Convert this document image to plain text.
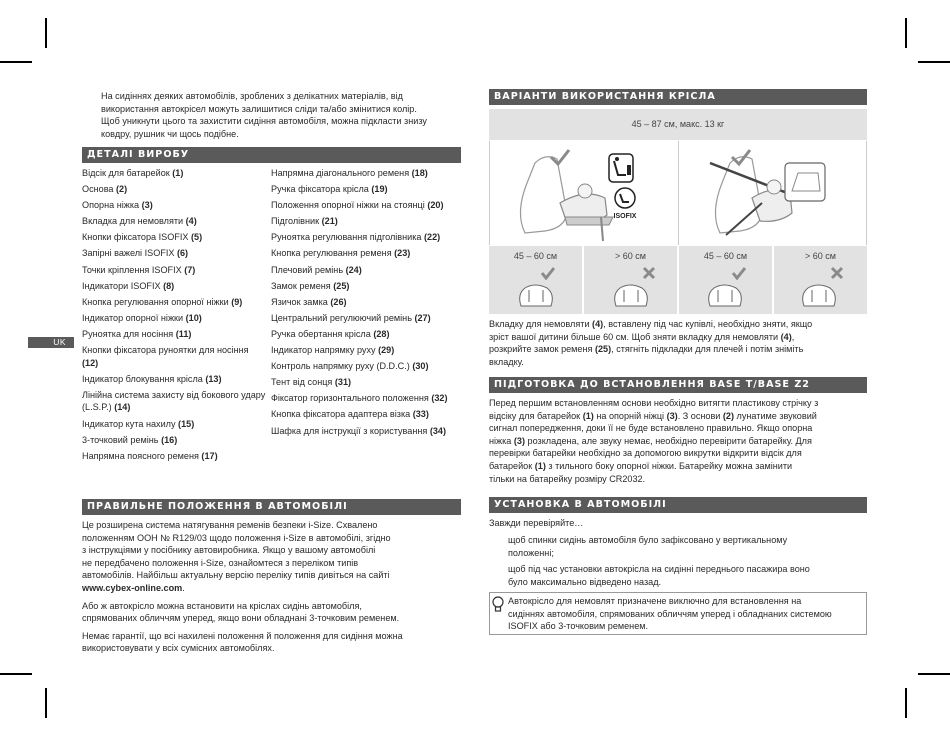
UK
На сидіннях деяких автомобілів, зроблених з делікатних матеріалів, від
використання автокрісел можуть залишитися сліди та/або змінитися колір.
Щоб уникнути цього та захистити сидіння автомобіля, можна підкласти знизу
ковдру, рушник чи щось подібне.
ДЕТАЛІ ВИРОБУ
Відсік для батарейок (1)
Основа (2)
Опорна ніжка (3)
Вкладка для немовляти (4)
Кнопки фіксатора ISOFIX (5)
Запірні важелі ISOFIX (6)
Точки кріплення ISOFIX (7)
Індикатори ISOFIX (8)
Кнопка регулювання опорної ніжки (9)
Індикатор опорної ніжки (10)
Руноятка для носіння (11)
Кнопки фіксатора руноятки для носіння (12)
Індикатор блокування крісла (13)
Лінійна система захисту від бокового удару (L.S.P.) (14)
Індикатор кута нахилу (15)
3-точковий ремінь (16)
Напрямна поясного ременя (17)
Напрямна діагонального ременя (18)
Ручка фіксатора крісла (19)
Положення опорної ніжки на стоянці (20)
Підголівник (21)
Руноятка регулювання підголівника (22)
Кнопка регулювання ременя (23)
Плечовий ремінь (24)
Замок ременя (25)
Язичок замка (26)
Центральний регулюючий ремінь (27)
Ручка обертання крісла (28)
Індикатор напрямку руху (29)
Контроль напрямку руху (D.D.C.) (30)
Тент від сонця (31)
Фіксатор горизонтального положення (32)
Кнопка фіксатора адаптера візка (33)
Шафка для інструкції з користування (34)
ПРАВИЛЬНЕ ПОЛОЖЕННЯ В АВТОМОБІЛІ
Це розширена система натягування ременів безпеки i-Size. Схвалено
положенням ООН № R129/03 щодо положення i-Size в автомобілі, згідно
з інструкціями у посібнику автовиробника. Якщо у вашому автомобілі
не передбачено положення i-Size, ознайомтеся з переліком типів
автомобілів. Найбільш актуальну версію переліку типів дивіться на сайті
www.cybex-online.com.
Або ж автокрісло можна встановити на кріслах сидінь автомобіля,
спрямованих обличчям уперед, якщо вони обладнані 3-точковим ременем.
Немає гарантії, що всі нахилені положення й положення для сидіння можна
використовувати у всіх сумісних автомобілях.
ВАРІАНТИ ВИКОРИСТАННЯ КРІСЛА
45 – 87 см, макс. 13 кг
ISOFIX
45 – 60 см	> 60 см	45 – 60 см	> 60 см
Вкладку для немовляти (4), вставлену під час купівлі, необхідно зняти, якщо
зріст вашої дитини більше 60 см. Щоб зняти вкладку для немовляти (4),
розкрийте замок ременя (25), стягніть підкладки для плечей і потім зніміть
вкладку.
ПІДГОТОВКА ДО ВСТАНОВЛЕННЯ BASE T/BASE Z2
Перед першим встановленням основи необхідно витягти пластикову стрічку з
відсіку для батарейок (1) на опорній ніжці (3). З основи (2) лунатиме звуковий
сигнал попередження, доки її не буде встановлено правильно. Якщо опорна
ніжка (3) розкладена, але звуку немає, необхідно перевірити батарейку. Для
перевірки батарейки необхідно за допомогою викрутки відкрити відсік для
батарейок (1) з тильного боку опорної ніжки. Батарейку можна замінити
тільки на батарейку розміру CR2032.
УСТАНОВКА В АВТОМОБІЛІ
Завжди перевіряйте…
щоб спинки сидінь автомобіля було зафіксовано у вертикальному
положенні;
щоб під час установки автокрісла на сидінні переднього пасажира воно
було максимально відведено назад.
Автокрісло для немовлят призначене виключно для встановлення на
сидіннях автомобіля, спрямованих обличчям уперед і обладнаних системою
ISOFIX або 3-точковим ременем.
